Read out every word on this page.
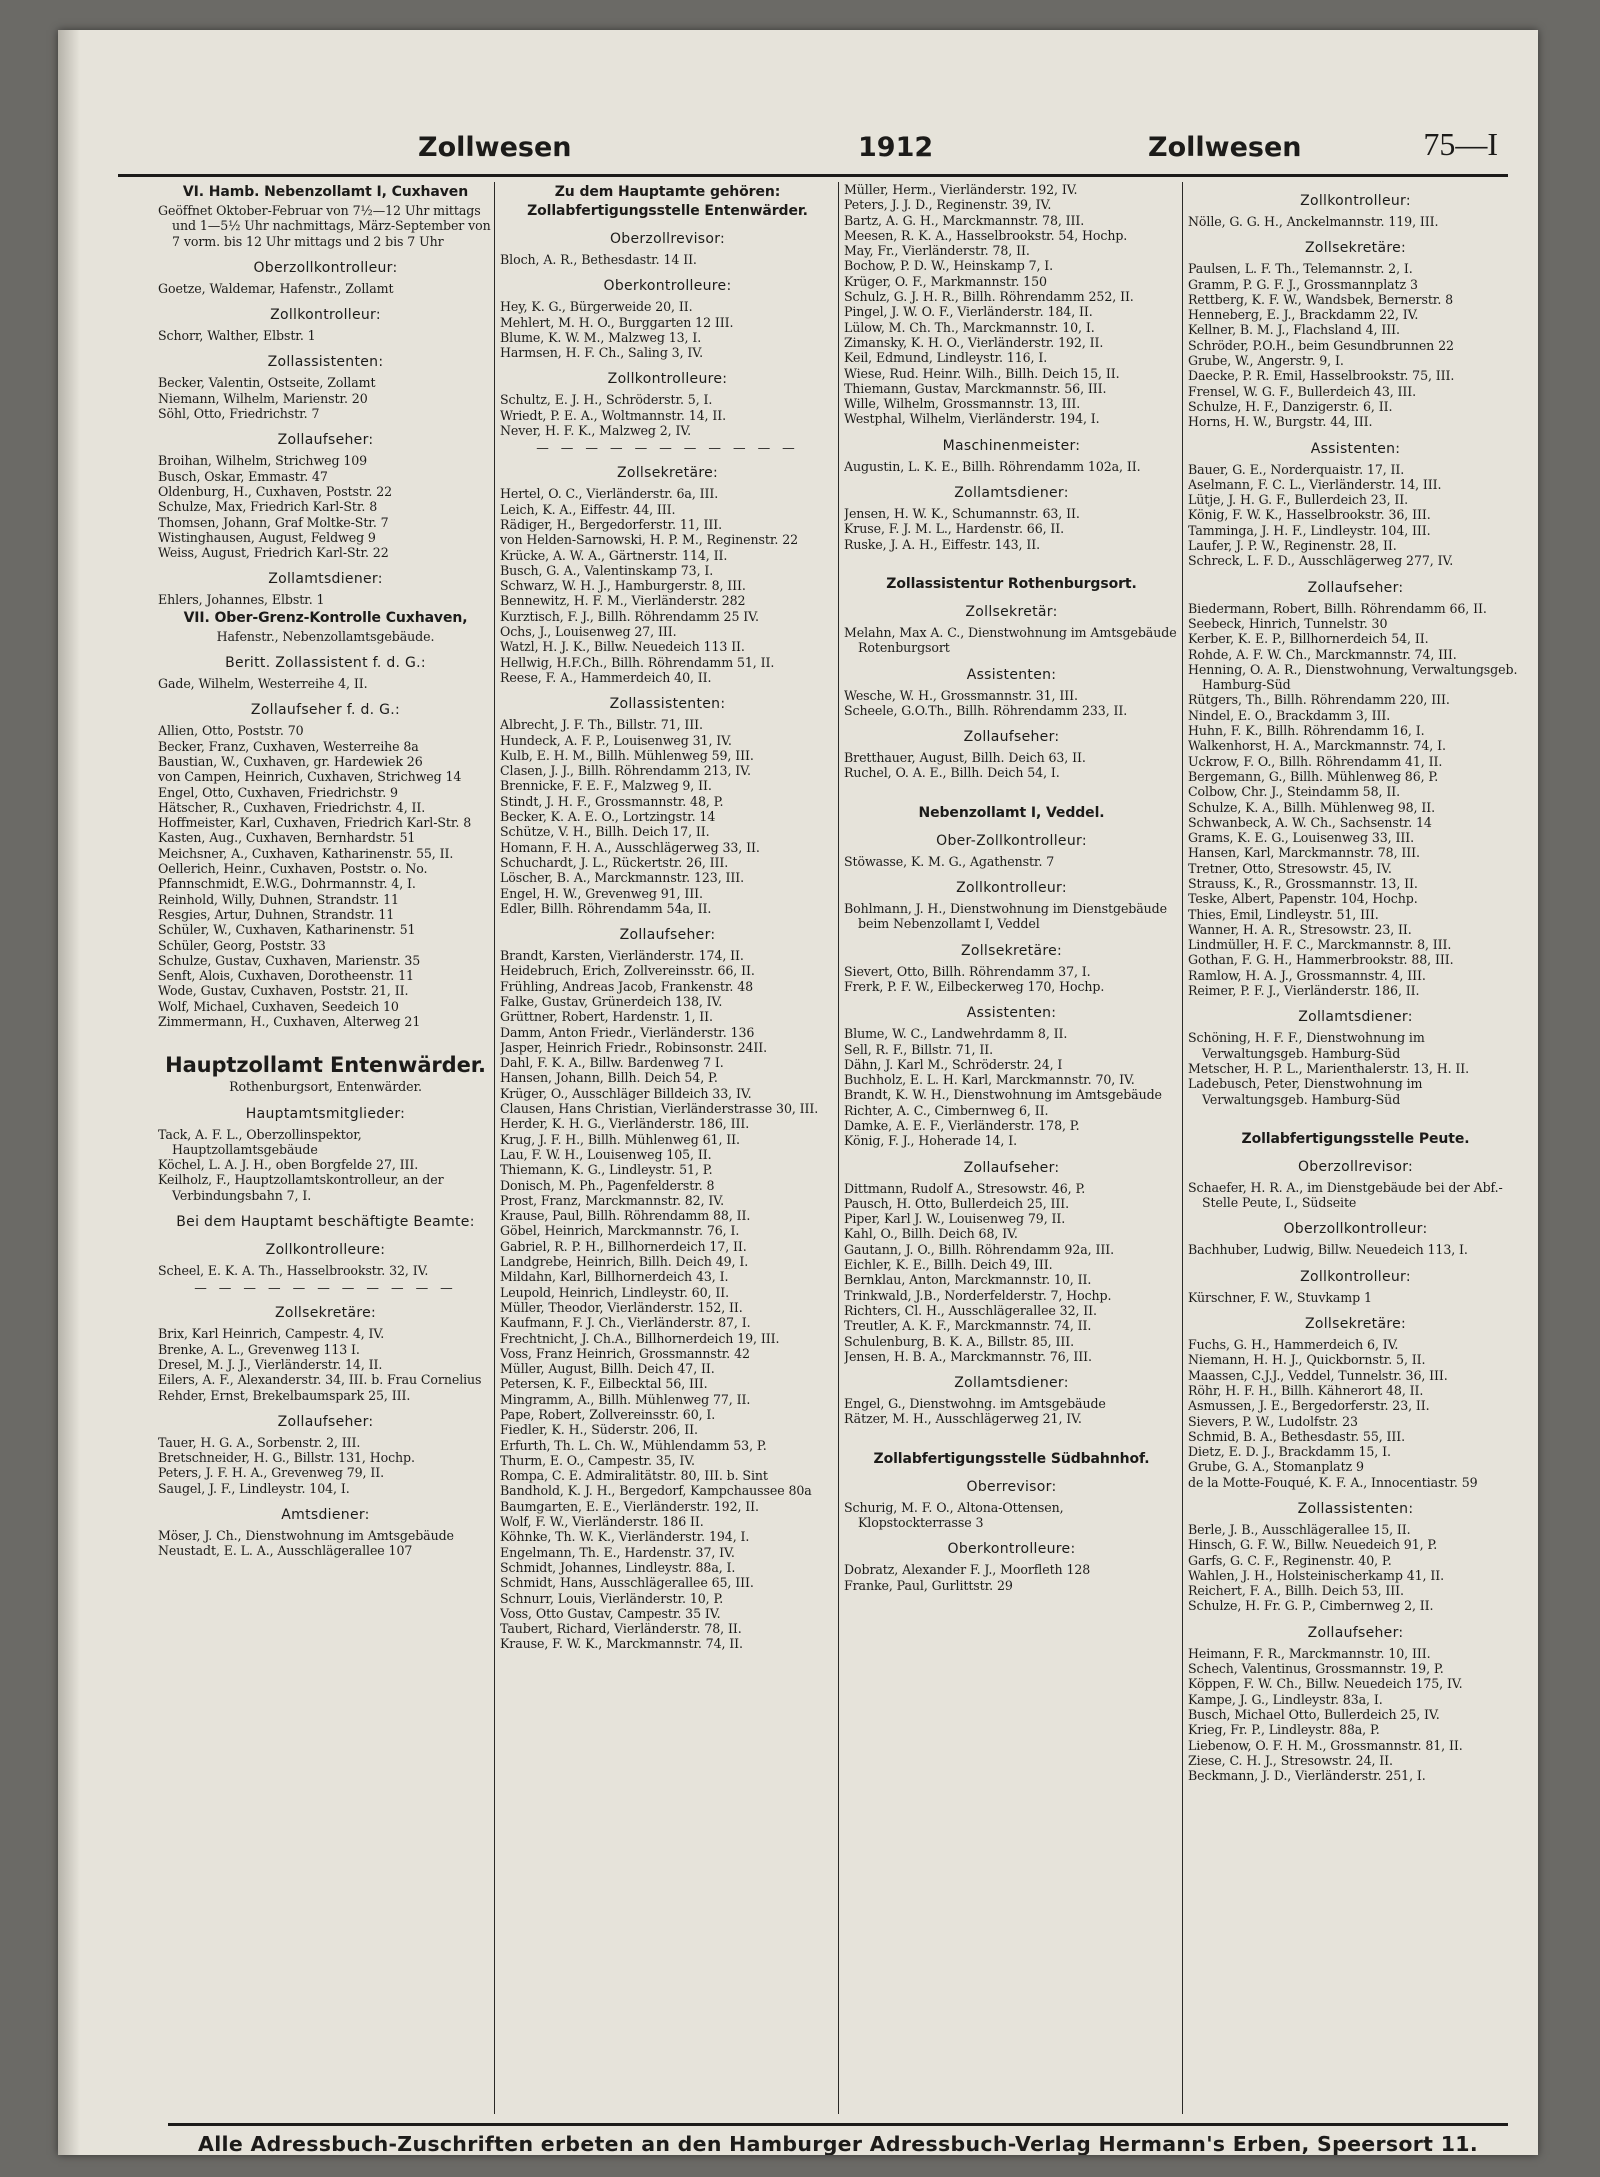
Zollwesen	1912	Zollwesen	75—I
VI. Hamb. Nebenzollamt I, Cuxhaven
Geöffnet Oktober-Februar von 7½—12 Uhr mittags und 1—5½ Uhr nachmittags, März-September von 7 vorm. bis 12 Uhr mittags und 2 bis 7 Uhr
Oberzollkontrolleur:
Goetze, Waldemar, Hafenstr., Zollamt
Zollkontrolleur:
Schorr, Walther, Elbstr. 1
Zollassistenten:
Becker, Valentin, Ostseite, Zollamt
Niemann, Wilhelm, Marienstr. 20
Söhl, Otto, Friedrichstr. 7
Zollaufseher:
Broihan, Wilhelm, Strichweg 109
Busch, Oskar, Emmastr. 47
Oldenburg, H., Cuxhaven, Poststr. 22
Schulze, Max, Friedrich Karl-Str. 8
Thomsen, Johann, Graf Moltke-Str. 7
Wistinghausen, August, Feldweg 9
Weiss, August, Friedrich Karl-Str. 22
Zollamtsdiener:
Ehlers, Johannes, Elbstr. 1
VII. Ober-Grenz-Kontrolle Cuxhaven,
Hafenstr., Nebenzollamtsgebäude.
Beritt. Zollassistent f. d. G.:
Gade, Wilhelm, Westerreihe 4, II.
Zollaufseher f. d. G.:
Allien, Otto, Poststr. 70
Becker, Franz, Cuxhaven, Westerreihe 8a
Baustian, W., Cuxhaven, gr. Hardewiek 26
von Campen, Heinrich, Cuxhaven, Strichweg 14
Engel, Otto, Cuxhaven, Friedrichstr. 9
Hätscher, R., Cuxhaven, Friedrichstr. 4, II.
Hoffmeister, Karl, Cuxhaven, Friedrich Karl-Str. 8
Kasten, Aug., Cuxhaven, Bernhardstr. 51
Meichsner, A., Cuxhaven, Katharinenstr. 55, II.
Oellerich, Heinr., Cuxhaven, Poststr. o. No.
Pfannschmidt, E.W.G., Dohrmannstr. 4, I.
Reinhold, Willy, Duhnen, Strandstr. 11
Resgies, Artur, Duhnen, Strandstr. 11
Schüler, W., Cuxhaven, Katharinenstr. 51
Schüler, Georg, Poststr. 33
Schulze, Gustav, Cuxhaven, Marienstr. 35
Senft, Alois, Cuxhaven, Dorotheenstr. 11
Wode, Gustav, Cuxhaven, Poststr. 21, II.
Wolf, Michael, Cuxhaven, Seedeich 10
Zimmermann, H., Cuxhaven, Alterweg 21
Hauptzollamt Entenwärder.
Rothenburgsort, Entenwärder.
Hauptamtsmitglieder:
Tack, A. F. L., Oberzollinspektor, Hauptzollamtsgebäude
Köchel, L. A. J. H., oben Borgfelde 27, III.
Keilholz, F., Hauptzollamtskontrolleur, an der Verbindungsbahn 7, I.
Bei dem Hauptamt beschäftigte Beamte:
Zollkontrolleure:
Scheel, E. K. A. Th., Hasselbrookstr. 32, IV.
— — — — — — — — — — —
Zollsekretäre:
Brix, Karl Heinrich, Campestr. 4, IV.
Brenke, A. L., Grevenweg 113 I.
Dresel, M. J. J., Vierländerstr. 14, II.
Eilers, A. F., Alexanderstr. 34, III. b. Frau Cornelius
Rehder, Ernst, Brekelbaumspark 25, III.
Zollaufseher:
Tauer, H. G. A., Sorbenstr. 2, III.
Bretschneider, H. G., Billstr. 131, Hochp.
Peters, J. F. H. A., Grevenweg 79, II.
Saugel, J. F., Lindleystr. 104, I.
Amtsdiener:
Möser, J. Ch., Dienstwohnung im Amtsgebäude
Neustadt, E. L. A., Ausschlägerallee 107
Zu dem Hauptamte gehören:
Zollabfertigungsstelle Entenwärder.
Oberzollrevisor:
Bloch, A. R., Bethesdastr. 14 II.
Oberkontrolleure:
Hey, K. G., Bürgerweide 20, II.
Mehlert, M. H. O., Burggarten 12 III.
Blume, K. W. M., Malzweg 13, I.
Harmsen, H. F. Ch., Saling 3, IV.
Zollkontrolleure:
Schultz, E. J. H., Schröderstr. 5, I.
Wriedt, P. E. A., Woltmannstr. 14, II.
Never, H. F. K., Malzweg 2, IV.
— — — — — — — — — — —
Zollsekretäre:
Hertel, O. C., Vierländerstr. 6a, III.
Leich, K. A., Eiffestr. 44, III.
Rädiger, H., Bergedorferstr. 11, III.
von Helden-Sarnowski, H. P. M., Reginenstr. 22
Krücke, A. W. A., Gärtnerstr. 114, II.
Busch, G. A., Valentinskamp 73, I.
Schwarz, W. H. J., Hamburgerstr. 8, III.
Bennewitz, H. F. M., Vierländerstr. 282
Kurztisch, F. J., Billh. Röhrendamm 25 IV.
Ochs, J., Louisenweg 27, III.
Watzl, H. J. K., Billw. Neuedeich 113 II.
Hellwig, H.F.Ch., Billh. Röhrendamm 51, II.
Reese, F. A., Hammerdeich 40, II.
Zollassistenten:
Albrecht, J. F. Th., Billstr. 71, III.
Hundeck, A. F. P., Louisenweg 31, IV.
Kulb, E. H. M., Billh. Mühlenweg 59, III.
Clasen, J. J., Billh. Röhrendamm 213, IV.
Brennicke, F. E. F., Malzweg 9, II.
Stindt, J. H. F., Grossmannstr. 48, P.
Becker, K. A. E. O., Lortzingstr. 14
Schütze, V. H., Billh. Deich 17, II.
Homann, F. H. A., Ausschlägerweg 33, II.
Schuchardt, J. L., Rückertstr. 26, III.
Löscher, B. A., Marckmannstr. 123, III.
Engel, H. W., Grevenweg 91, III.
Edler, Billh. Röhrendamm 54a, II.
Zollaufseher:
Brandt, Karsten, Vierländerstr. 174, II.
Heidebruch, Erich, Zollvereinsstr. 66, II.
Frühling, Andreas Jacob, Frankenstr. 48
Falke, Gustav, Grünerdeich 138, IV.
Grüttner, Robert, Hardenstr. 1, II.
Damm, Anton Friedr., Vierländerstr. 136
Jasper, Heinrich Friedr., Robinsonstr. 24II.
Dahl, F. K. A., Billw. Bardenweg 7 I.
Hansen, Johann, Billh. Deich 54, P.
Krüger, O., Ausschläger Billdeich 33, IV.
Clausen, Hans Christian, Vierländerstrasse 30, III.
Herder, K. H. G., Vierländerstr. 186, III.
Krug, J. F. H., Billh. Mühlenweg 61, II.
Lau, F. W. H., Louisenweg 105, II.
Thiemann, K. G., Lindleystr. 51, P.
Donisch, M. Ph., Pagenfelderstr. 8
Prost, Franz, Marckmannstr. 82, IV.
Krause, Paul, Billh. Röhrendamm 88, II.
Göbel, Heinrich, Marckmannstr. 76, I.
Gabriel, R. P. H., Billhornerdeich 17, II.
Landgrebe, Heinrich, Billh. Deich 49, I.
Mildahn, Karl, Billhornerdeich 43, I.
Leupold, Heinrich, Lindleystr. 60, II.
Müller, Theodor, Vierländerstr. 152, II.
Kaufmann, F. J. Ch., Vierländerstr. 87, I.
Frechtnicht, J. Ch.A., Billhornerdeich 19, III.
Voss, Franz Heinrich, Grossmannstr. 42
Müller, August, Billh. Deich 47, II.
Petersen, K. F., Eilbecktal 56, III.
Mingramm, A., Billh. Mühlenweg 77, II.
Pape, Robert, Zollvereinsstr. 60, I.
Fiedler, K. H., Süderstr. 206, II.
Erfurth, Th. L. Ch. W., Mühlendamm 53, P.
Thurm, E. O., Campestr. 35, IV.
Rompa, C. E. Admiralitätstr. 80, III. b. Sint
Bandhold, K. J. H., Bergedorf, Kampchaussee 80a
Baumgarten, E. E., Vierländerstr. 192, II.
Wolf, F. W., Vierländerstr. 186 II.
Köhnke, Th. W. K., Vierländerstr. 194, I.
Engelmann, Th. E., Hardenstr. 37, IV.
Schmidt, Johannes, Lindleystr. 88a, I.
Schmidt, Hans, Ausschlägerallee 65, III.
Schnurr, Louis, Vierländerstr. 10, P.
Voss, Otto Gustav, Campestr. 35 IV.
Taubert, Richard, Vierländerstr. 78, II.
Krause, F. W. K., Marckmannstr. 74, II.
Müller, Herm., Vierländerstr. 192, IV.
Peters, J. J. D., Reginenstr. 39, IV.
Bartz, A. G. H., Marckmannstr. 78, III.
Meesen, R. K. A., Hasselbrookstr. 54, Hochp.
May, Fr., Vierländerstr. 78, II.
Bochow, P. D. W., Heinskamp 7, I.
Krüger, O. F., Markmannstr. 150
Schulz, G. J. H. R., Billh. Röhrendamm 252, II.
Pingel, J. W. O. F., Vierländerstr. 184, II.
Lülow, M. Ch. Th., Marckmannstr. 10, I.
Zimansky, K. H. O., Vierländerstr. 192, II.
Keil, Edmund, Lindleystr. 116, I.
Wiese, Rud. Heinr. Wilh., Billh. Deich 15, II.
Thiemann, Gustav, Marckmannstr. 56, III.
Wille, Wilhelm, Grossmannstr. 13, III.
Westphal, Wilhelm, Vierländerstr. 194, I.
Maschinenmeister:
Augustin, L. K. E., Billh. Röhrendamm 102a, II.
Zollamtsdiener:
Jensen, H. W. K., Schumannstr. 63, II.
Kruse, F. J. M. L., Hardenstr. 66, II.
Ruske, J. A. H., Eiffestr. 143, II.
Zollassistentur Rothenburgsort.
Zollsekretär:
Melahn, Max A. C., Dienstwohnung im Amtsgebäude Rotenburgsort
Assistenten:
Wesche, W. H., Grossmannstr. 31, III.
Scheele, G.O.Th., Billh. Röhrendamm 233, II.
Zollaufseher:
Bretthauer, August, Billh. Deich 63, II.
Ruchel, O. A. E., Billh. Deich 54, I.
Nebenzollamt I, Veddel.
Ober-Zollkontrolleur:
Stöwasse, K. M. G., Agathenstr. 7
Zollkontrolleur:
Bohlmann, J. H., Dienstwohnung im Dienstgebäude beim Nebenzollamt I, Veddel
Zollsekretäre:
Sievert, Otto, Billh. Röhrendamm 37, I.
Frerk, P. F. W., Eilbeckerweg 170, Hochp.
Assistenten:
Blume, W. C., Landwehrdamm 8, II.
Sell, R. F., Billstr. 71, II.
Dähn, J. Karl M., Schröderstr. 24, I
Buchholz, E. L. H. Karl, Marckmannstr. 70, IV.
Brandt, K. W. H., Dienstwohnung im Amtsgebäude
Richter, A. C., Cimbernweg 6, II.
Damke, A. E. F., Vierländerstr. 178, P.
König, F. J., Hoherade 14, I.
Zollaufseher:
Dittmann, Rudolf A., Stresowstr. 46, P.
Pausch, H. Otto, Bullerdeich 25, III.
Piper, Karl J. W., Louisenweg 79, II.
Kahl, O., Billh. Deich 68, IV.
Gautann, J. O., Billh. Röhrendamm 92a, III.
Eichler, K. E., Billh. Deich 49, III.
Bernklau, Anton, Marckmannstr. 10, II.
Trinkwald, J.B., Norderfelderstr. 7, Hochp.
Richters, Cl. H., Ausschlägerallee 32, II.
Treutler, A. K. F., Marckmannstr. 74, II.
Schulenburg, B. K. A., Billstr. 85, III.
Jensen, H. B. A., Marckmannstr. 76, III.
Zollamtsdiener:
Engel, G., Dienstwohng. im Amtsgebäude
Rätzer, M. H., Ausschlägerweg 21, IV.
Zollabfertigungsstelle Südbahnhof.
Oberrevisor:
Schurig, M. F. O., Altona-Ottensen, Klopstockterrasse 3
Oberkontrolleure:
Dobratz, Alexander F. J., Moorfleth 128
Franke, Paul, Gurlittstr. 29
Zollkontrolleur:
Nölle, G. G. H., Anckelmannstr. 119, III.
Zollsekretäre:
Paulsen, L. F. Th., Telemannstr. 2, I.
Gramm, P. G. F. J., Grossmannplatz 3
Rettberg, K. F. W., Wandsbek, Bernerstr. 8
Henneberg, E. J., Brackdamm 22, IV.
Kellner, B. M. J., Flachsland 4, III.
Schröder, P.O.H., beim Gesundbrunnen 22
Grube, W., Angerstr. 9, I.
Daecke, P. R. Emil, Hasselbrookstr. 75, III.
Frensel, W. G. F., Bullerdeich 43, III.
Schulze, H. F., Danzigerstr. 6, II.
Horns, H. W., Burgstr. 44, III.
Assistenten:
Bauer, G. E., Norderquaistr. 17, II.
Aselmann, F. C. L., Vierländerstr. 14, III.
Lütje, J. H. G. F., Bullerdeich 23, II.
König, F. W. K., Hasselbrookstr. 36, III.
Tamminga, J. H. F., Lindleystr. 104, III.
Laufer, J. P. W., Reginenstr. 28, II.
Schreck, L. F. D., Ausschlägerweg 277, IV.
Zollaufseher:
Biedermann, Robert, Billh. Röhrendamm 66, II.
Seebeck, Hinrich, Tunnelstr. 30
Kerber, K. E. P., Billhornerdeich 54, II.
Rohde, A. F. W. Ch., Marckmannstr. 74, III.
Henning, O. A. R., Dienstwohnung, Verwaltungsgeb. Hamburg-Süd
Rütgers, Th., Billh. Röhrendamm 220, III.
Nindel, E. O., Brackdamm 3, III.
Huhn, F. K., Billh. Röhrendamm 16, I.
Walkenhorst, H. A., Marckmannstr. 74, I.
Uckrow, F. O., Billh. Röhrendamm 41, II.
Bergemann, G., Billh. Mühlenweg 86, P.
Colbow, Chr. J., Steindamm 58, II.
Schulze, K. A., Billh. Mühlenweg 98, II.
Schwanbeck, A. W. Ch., Sachsenstr. 14
Grams, K. E. G., Louisenweg 33, III.
Hansen, Karl, Marckmannstr. 78, III.
Tretner, Otto, Stresowstr. 45, IV.
Strauss, K., R., Grossmannstr. 13, II.
Teske, Albert, Papenstr. 104, Hochp.
Thies, Emil, Lindleystr. 51, III.
Wanner, H. A. R., Stresowstr. 23, II.
Lindmüller, H. F. C., Marckmannstr. 8, III.
Gothan, F. G. H., Hammerbrookstr. 88, III.
Ramlow, H. A. J., Grossmannstr. 4, III.
Reimer, P. F. J., Vierländerstr. 186, II.
Zollamtsdiener:
Schöning, H. F. F., Dienstwohnung im Verwaltungsgeb. Hamburg-Süd
Metscher, H. P. L., Marienthalerstr. 13, H. II.
Ladebusch, Peter, Dienstwohnung im Verwaltungsgeb. Hamburg-Süd
Zollabfertigungsstelle Peute.
Oberzollrevisor:
Schaefer, H. R. A., im Dienstgebäude bei der Abf.-Stelle Peute, I., Südseite
Oberzollkontrolleur:
Bachhuber, Ludwig, Billw. Neuedeich 113, I.
Zollkontrolleur:
Kürschner, F. W., Stuvkamp 1
Zollsekretäre:
Fuchs, G. H., Hammerdeich 6, IV.
Niemann, H. H. J., Quickbornstr. 5, II.
Maassen, C.J.J., Veddel, Tunnelstr. 36, III.
Röhr, H. F. H., Billh. Kähnerort 48, II.
Asmussen, J. E., Bergedorferstr. 23, II.
Sievers, P. W., Ludolfstr. 23
Schmid, B. A., Bethesdastr. 55, III.
Dietz, E. D. J., Brackdamm 15, I.
Grube, G. A., Stomanplatz 9
de la Motte-Fouqué, K. F. A., Innocentiastr. 59
Zollassistenten:
Berle, J. B., Ausschlägerallee 15, II.
Hinsch, G. F. W., Billw. Neuedeich 91, P.
Garfs, G. C. F., Reginenstr. 40, P.
Wahlen, J. H., Holsteinischerkamp 41, II.
Reichert, F. A., Billh. Deich 53, III.
Schulze, H. Fr. G. P., Cimbernweg 2, II.
Zollaufseher:
Heimann, F. R., Marckmannstr. 10, III.
Schech, Valentinus, Grossmannstr. 19, P.
Köppen, F. W. Ch., Billw. Neuedeich 175, IV.
Kampe, J. G., Lindleystr. 83a, I.
Busch, Michael Otto, Bullerdeich 25, IV.
Krieg, Fr. P., Lindleystr. 88a, P.
Liebenow, O. F. H. M., Grossmannstr. 81, II.
Ziese, C. H. J., Stresowstr. 24, II.
Beckmann, J. D., Vierländerstr. 251, I.
Alle Adressbuch-Zuschriften erbeten an den Hamburger Adressbuch-Verlag Hermann's Erben, Speersort 11.
